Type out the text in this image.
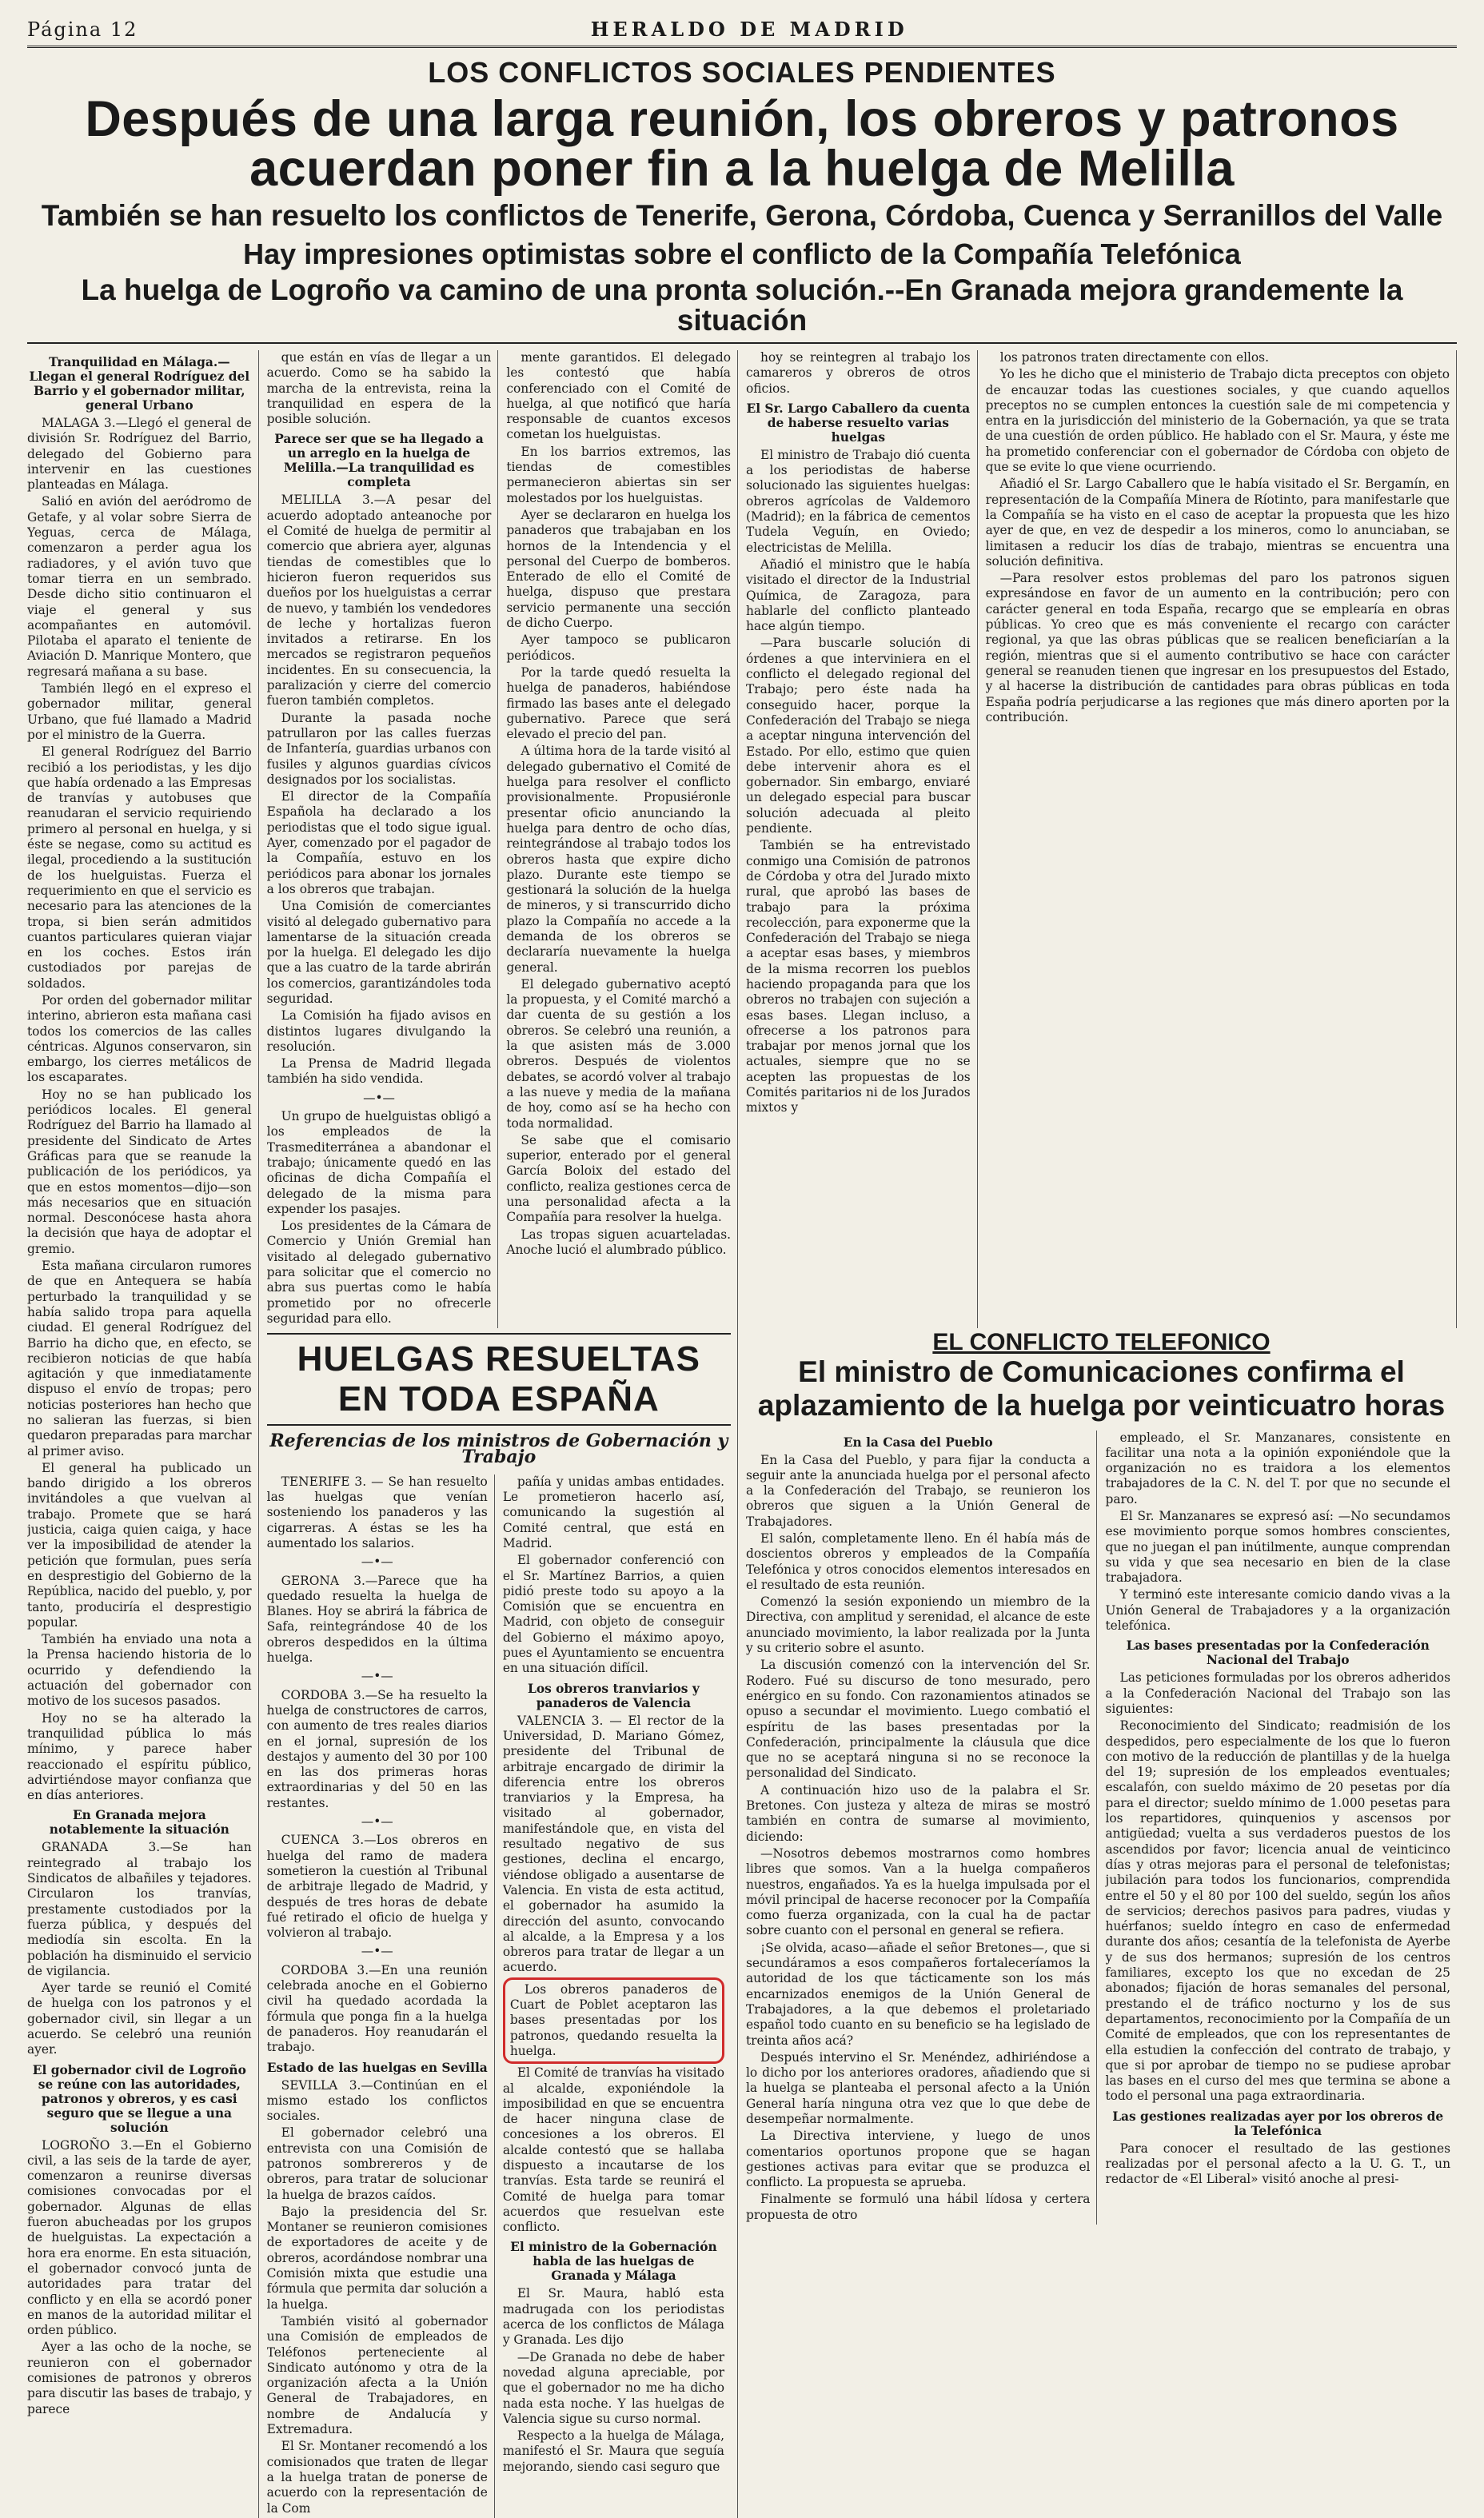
Página 12	HERALDO DE MADRID
LOS CONFLICTOS SOCIALES PENDIENTES
Después de una larga reunión, los obreros y patronos acuerdan poner fin a la huelga de Melilla
También se han resuelto los conflictos de Tenerife, Gerona, Córdoba, Cuenca y Serranillos del Valle
Hay impresiones optimistas sobre el conflicto de la Compañía Telefónica
La huelga de Logroño va camino de una pronta solución.--En Granada mejora grandemente la situación
Tranquilidad en Málaga.—Llegan el general Rodríguez del Barrio y el gobernador militar, general Urbano

MALAGA 3.—Llegó el general de división Sr. Rodríguez del Barrio, delegado del Gobierno para intervenir en las cuestiones planteadas en Málaga.

Salió en avión del aeródromo de Getafe, y al volar sobre Sierra de Yeguas, cerca de Málaga, comenzaron a perder agua los radiadores, y el avión tuvo que tomar tierra en un sembrado. Desde dicho sitio continuaron el viaje el general y sus acompañantes en automóvil. Pilotaba el aparato el teniente de Aviación D. Manrique Montero, que regresará mañana a su base.

También llegó en el expreso el gobernador militar, general Urbano, que fué llamado a Madrid por el ministro de la Guerra.

El general Rodríguez del Barrio recibió a los periodistas, y les dijo que había ordenado a las Empresas de tranvías y autobuses que reanudaran el servicio requiriendo primero al personal en huelga, y si éste se negase, como su actitud es ilegal, procediendo a la sustitución de los huelguistas. Fuerza el requerimiento en que el servicio es necesario para las atenciones de la tropa, si bien serán admitidos cuantos particulares quieran viajar en los coches. Estos irán custodiados por parejas de soldados.

Por orden del gobernador militar interino, abrieron esta mañana casi todos los comercios de las calles céntricas. Algunos conservaron, sin embargo, los cierres metálicos de los escaparates.

Hoy no se han publicado los periódicos locales. El general Rodríguez del Barrio ha llamado al presidente del Sindicato de Artes Gráficas para que se reanude la publicación de los periódicos, ya que en estos momentos—dijo—son más necesarios que en situación normal. Desconócese hasta ahora la decisión que haya de adoptar el gremio.

Esta mañana circularon rumores de que en Antequera se había perturbado la tranquilidad y se había salido tropa para aquella ciudad. El general Rodríguez del Barrio ha dicho que, en efecto, se recibieron noticias de que había agitación y que inmediatamente dispuso el envío de tropas; pero noticias posteriores han hecho que no salieran las fuerzas, si bien quedaron preparadas para marchar al primer aviso.

El general ha publicado un bando dirigido a los obreros invitándoles a que vuelvan al trabajo. Promete que se hará justicia, caiga quien caiga, y hace ver la imposibilidad de atender la petición que formulan, pues sería en desprestigio del Gobierno de la República, nacido del pueblo, y, por tanto, produciría el desprestigio popular.

También ha enviado una nota a la Prensa haciendo historia de lo ocurrido y defendiendo la actuación del gobernador con motivo de los sucesos pasados.

Hoy no se ha alterado la tranquilidad pública lo más mínimo, y parece haber reaccionado el espíritu público, advirtiéndose mayor confianza que en días anteriores.

En Granada mejora notablemente la situación

GRANADA 3.—Se han reintegrado al trabajo los Sindicatos de albañiles y tejadores. Circularon los tranvías, prestamente custodiados por la fuerza pública, y después del mediodía sin escolta. En la población ha disminuido el servicio de vigilancia.

Ayer tarde se reunió el Comité de huelga con los patronos y el gobernador civil, sin llegar a un acuerdo. Se celebró una reunión ayer.

El gobernador civil de Logroño se reúne con las autoridades, patronos y obreros, y es casi seguro que se llegue a una solución

LOGROÑO 3.—En el Gobierno civil, a las seis de la tarde de ayer, comenzaron a reunirse diversas comisiones convocadas por el gobernador. Algunas de ellas fueron abucheadas por los grupos de huelguistas. La expectación a hora era enorme. En esta situación, el gobernador convocó junta de autoridades para tratar del conflicto y en ella se acordó poner en manos de la autoridad militar el orden público.

Ayer a las ocho de la noche, se reunieron con el gobernador comisiones de patronos y obreros para discutir las bases de trabajo, y parece

que están en vías de llegar a un acuerdo. Como se ha sabido la marcha de la entrevista, reina la tranquilidad en espera de la posible solución.

Parece ser que se ha llegado a un arreglo en la huelga de Melilla.—La tranquilidad es completa

MELILLA 3.—A pesar del acuerdo adoptado anteanoche por el Comité de huelga de permitir al comercio que abriera ayer, algunas tiendas de comestibles que lo hicieron fueron requeridos sus dueños por los huelguistas a cerrar de nuevo, y también los vendedores de leche y hortalizas fueron invitados a retirarse. En los mercados se registraron pequeños incidentes. En su consecuencia, la paralización y cierre del comercio fueron también completos.

Durante la pasada noche patrullaron por las calles fuerzas de Infantería, guardias urbanos con fusiles y algunos guardias cívicos designados por los socialistas.

El director de la Compañía Española ha declarado a los periodistas que el todo sigue igual. Ayer, comenzado por el pagador de la Compañía, estuvo en los periódicos para abonar los jornales a los obreros que trabajan.

Una Comisión de comerciantes visitó al delegado gubernativo para lamentarse de la situación creada por la huelga. El delegado les dijo que a las cuatro de la tarde abrirán los comercios, garantizándoles toda seguridad.

La Comisión ha fijado avisos en distintos lugares divulgando la resolución.

La Prensa de Madrid llegada también ha sido vendida.

—•—

Un grupo de huelguistas obligó a los empleados de la Trasmediterránea a abandonar el trabajo; únicamente quedó en las oficinas de dicha Compañía el delegado de la misma para expender los pasajes.

Los presidentes de la Cámara de Comercio y Unión Gremial han visitado al delegado gubernativo para solicitar que el comercio no abra sus puertas como le había prometido por no ofrecerle seguridad para ello.

mente garantidos. El delegado les contestó que había conferenciado con el Comité de huelga, al que notificó que haría responsable de cuantos excesos cometan los huelguistas.

En los barrios extremos, las tiendas de comestibles permanecieron abiertas sin ser molestados por los huelguistas.

Ayer se declararon en huelga los panaderos que trabajaban en los hornos de la Intendencia y el personal del Cuerpo de bomberos. Enterado de ello el Comité de huelga, dispuso que prestara servicio permanente una sección de dicho Cuerpo.

Ayer tampoco se publicaron periódicos.

Por la tarde quedó resuelta la huelga de panaderos, habiéndose firmado las bases ante el delegado gubernativo. Parece que será elevado el precio del pan.

A última hora de la tarde visitó al delegado gubernativo el Comité de huelga para resolver el conflicto provisionalmente. Propusiéronle presentar oficio anunciando la huelga para dentro de ocho días, reintegrándose al trabajo todos los obreros hasta que expire dicho plazo. Durante este tiempo se gestionará la solución de la huelga de mineros, y si transcurrido dicho plazo la Compañía no accede a la demanda de los obreros se declararía nuevamente la huelga general.

El delegado gubernativo aceptó la propuesta, y el Comité marchó a dar cuenta de su gestión a los obreros. Se celebró una reunión, a la que asisten más de 3.000 obreros. Después de violentos debates, se acordó volver al trabajo a las nueve y media de la mañana de hoy, como así se ha hecho con toda normalidad.

Se sabe que el comisario superior, enterado por el general García Boloix del estado del conflicto, realiza gestiones cerca de una personalidad afecta a la Compañía para resolver la huelga.

Las tropas siguen acuarteladas. Anoche lució el alumbrado público.

hoy se reintegren al trabajo los camareros y obreros de otros oficios.

El Sr. Largo Caballero da cuenta de haberse resuelto varias huelgas

El ministro de Trabajo dió cuenta a los periodistas de haberse solucionado las siguientes huelgas: obreros agrícolas de Valdemoro (Madrid); en la fábrica de cementos Tudela Veguín, en Oviedo; electricistas de Melilla.

Añadió el ministro que le había visitado el director de la Industrial Química, de Zaragoza, para hablarle del conflicto planteado hace algún tiempo.

—Para buscarle solución di órdenes a que interviniera en el conflicto el delegado regional del Trabajo; pero éste nada ha conseguido hacer, porque la Confederación del Trabajo se niega a aceptar ninguna intervención del Estado. Por ello, estimo que quien debe intervenir ahora es el gobernador. Sin embargo, enviaré un delegado especial para buscar solución adecuada al pleito pendiente.

También se ha entrevistado conmigo una Comisión de patronos de Córdoba y otra del Jurado mixto rural, que aprobó las bases de trabajo para la próxima recolección, para exponerme que la Confederación del Trabajo se niega a aceptar esas bases, y miembros de la misma recorren los pueblos haciendo propaganda para que los obreros no trabajen con sujeción a esas bases. Llegan incluso, a ofrecerse a los patronos para trabajar por menos jornal que los actuales, siempre que no se acepten las propuestas de los Comités paritarios ni de los Jurados mixtos y

los patronos traten directamente con ellos.

Yo les he dicho que el ministerio de Trabajo dicta preceptos con objeto de encauzar todas las cuestiones sociales, y que cuando aquellos preceptos no se cumplen entonces la cuestión sale de mi competencia y entra en la jurisdicción del ministerio de la Gobernación, ya que se trata de una cuestión de orden público. He hablado con el Sr. Maura, y éste me ha prometido conferenciar con el gobernador de Córdoba con objeto de que se evite lo que viene ocurriendo.

Añadió el Sr. Largo Caballero que le había visitado el Sr. Bergamín, en representación de la Compañía Minera de Ríotinto, para manifestarle que la Compañía se ha visto en el caso de aceptar la propuesta que les hizo ayer de que, en vez de despedir a los mineros, como lo anunciaban, se limitasen a reducir los días de trabajo, mientras se encuentra una solución definitiva.

—Para resolver estos problemas del paro los patronos siguen expresándose en favor de un aumento en la contribución; pero con carácter general en toda España, recargo que se emplearía en obras públicas. Yo creo que es más conveniente el recargo con carácter regional, ya que las obras públicas que se realicen beneficiarían a la región, mientras que si el aumento contributivo se hace con carácter general se reanuden tienen que ingresar en los presupuestos del Estado, y al hacerse la distribución de cantidades para obras públicas en toda España podría perjudicarse a las regiones que más dinero aporten por la contribución.

HUELGAS RESUELTAS EN TODA ESPAÑA
Referencias de los ministros de Gobernación y Trabajo

TENERIFE 3. — Se han resuelto las huelgas que venían sosteniendo los panaderos y las cigarreras. A éstas se les ha aumentado los salarios.

—•—

GERONA 3.—Parece que ha quedado resuelta la huelga de Blanes. Hoy se abrirá la fábrica de Safa, reintegrándose 40 de los obreros despedidos en la última huelga.

—•—

CORDOBA 3.—Se ha resuelto la huelga de constructores de carros, con aumento de tres reales diarios en el jornal, supresión de los destajos y aumento del 30 por 100 en las dos primeras horas extraordinarias y del 50 en las restantes.

—•—

CUENCA 3.—Los obreros en huelga del ramo de madera sometieron la cuestión al Tribunal de arbitraje llegado de Madrid, y después de tres horas de debate fué retirado el oficio de huelga y volvieron al trabajo.

—•—

CORDOBA 3.—En una reunión celebrada anoche en el Gobierno civil ha quedado acordada la fórmula que ponga fin a la huelga de panaderos. Hoy reanudarán el trabajo.

Estado de las huelgas en Sevilla

SEVILLA 3.—Continúan en el mismo estado los conflictos sociales.

El gobernador celebró una entrevista con una Comisión de patronos sombrereros y de obreros, para tratar de solucionar la huelga de brazos caídos.

Bajo la presidencia del Sr. Montaner se reunieron comisiones de exportadores de aceite y de obreros, acordándose nombrar una Comisión mixta que estudie una fórmula que permita dar solución a la huelga.

También visitó al gobernador una Comisión de empleados de Teléfonos perteneciente al Sindicato autónomo y otra de la organización afecta a la Unión General de Trabajadores, en nombre de Andalucía y Extremadura.

El Sr. Montaner recomendó a los comisionados que traten de llegar a la huelga tratan de ponerse de acuerdo con la representación de la Com

pañía y unidas ambas entidades. Le prometieron hacerlo así, comunicando la sugestión al Comité central, que está en Madrid.

El gobernador conferenció con el Sr. Martínez Barrios, a quien pidió preste todo su apoyo a la Comisión que se encuentra en Madrid, con objeto de conseguir del Gobierno el máximo apoyo, pues el Ayuntamiento se encuentra en una situación difícil.

Los obreros tranviarios y panaderos de Valencia

VALENCIA 3. — El rector de la Universidad, D. Mariano Gómez, presidente del Tribunal de arbitraje encargado de dirimir la diferencia entre los obreros tranviarios y la Empresa, ha visitado al gobernador, manifestándole que, en vista del resultado negativo de sus gestiones, declina el encargo, viéndose obligado a ausentarse de Valencia. En vista de esta actitud, el gobernador ha asumido la dirección del asunto, convocando al alcalde, a la Empresa y a los obreros para tratar de llegar a un acuerdo.

Los obreros panaderos de Cuart de Poblet aceptaron las bases presentadas por los patronos, quedando resuelta la huelga.

El Comité de tranvías ha visitado al alcalde, exponiéndole la imposibilidad en que se encuentra de hacer ninguna clase de concesiones a los obreros. El alcalde contestó que se hallaba dispuesto a incautarse de los tranvías. Esta tarde se reunirá el Comité de huelga para tomar acuerdos que resuelvan este conflicto.

El ministro de la Gobernación habla de las huelgas de Granada y Málaga

El Sr. Maura, habló esta madrugada con los periodistas acerca de los conflictos de Málaga y Granada. Les dijo

—De Granada no debe de haber novedad alguna apreciable, por que el gobernador no me ha dicho nada esta noche. Y las huelgas de Valencia sigue su curso normal.

Respecto a la huelga de Málaga, manifestó el Sr. Maura que seguía mejorando, siendo casi seguro que

EL CONFLICTO TELEFONICO
El ministro de Comunicaciones confirma el aplazamiento de la huelga por veinticuatro horas
En la Casa del Pueblo

En la Casa del Pueblo, y para fijar la conducta a seguir ante la anunciada huelga por el personal afecto a la Confederación del Trabajo, se reunieron los obreros que siguen a la Unión General de Trabajadores.

El salón, completamente lleno. En él había más de doscientos obreros y empleados de la Compañía Telefónica y otros conocidos elementos interesados en el resultado de esta reunión.

Comenzó la sesión exponiendo un miembro de la Directiva, con amplitud y serenidad, el alcance de este anunciado movimiento, la labor realizada por la Junta y su criterio sobre el asunto.

La discusión comenzó con la intervención del Sr. Rodero. Fué su discurso de tono mesurado, pero enérgico en su fondo. Con razonamientos atinados se opuso a secundar el movimiento. Luego combatió el espíritu de las bases presentadas por la Confederación, principalmente la cláusula que dice que no se aceptará ninguna si no se reconoce la personalidad del Sindicato.

A continuación hizo uso de la palabra el Sr. Bretones. Con justeza y alteza de miras se mostró también en contra de sumarse al movimiento, diciendo:

—Nosotros debemos mostrarnos como hombres libres que somos. Van a la huelga compañeros nuestros, engañados. Ya es la huelga impulsada por el móvil principal de hacerse reconocer por la Compañía como fuerza organizada, con la cual ha de pactar sobre cuanto con el personal en general se refiera.

¡Se olvida, acaso—añade el señor Bretones—, que si secundáramos a esos compañeros fortaleceríamos la autoridad de los que tácticamente son los más encarnizados enemigos de la Unión General de Trabajadores, a la que debemos el proletariado español todo cuanto en su beneficio se ha legislado de treinta años acá?

Después intervino el Sr. Menéndez, adhiriéndose a lo dicho por los anteriores oradores, añadiendo que si la huelga se planteaba el personal afecto a la Unión General haría ninguna otra vez que lo que debe de desempeñar normalmente.

La Directiva interviene, y luego de unos comentarios oportunos propone que se hagan gestiones activas para evitar que se produzca el conflicto. La propuesta se aprueba.

Finalmente se formuló una hábil lídosa y certera propuesta de otro

empleado, el Sr. Manzanares, consistente en facilitar una nota a la opinión exponiéndole que la organización no es traidora a los elementos trabajadores de la C. N. del T. por que no secunde el paro.

El Sr. Manzanares se expresó así: —No secundamos ese movimiento porque somos hombres conscientes, que no juegan el pan inútilmente, aunque comprendan su vida y que sea necesario en bien de la clase trabajadora.

Y terminó este interesante comicio dando vivas a la Unión General de Trabajadores y a la organización telefónica.

Las bases presentadas por la Confederación Nacional del Trabajo

Las peticiones formuladas por los obreros adheridos a la Confederación Nacional del Trabajo son las siguientes:

Reconocimiento del Sindicato; readmisión de los despedidos, pero especialmente de los que lo fueron con motivo de la reducción de plantillas y de la huelga del 19; supresión de los empleados eventuales; escalafón, con sueldo máximo de 20 pesetas por día para el director; sueldo mínimo de 1.000 pesetas para los repartidores, quinquenios y ascensos por antigüedad; vuelta a sus verdaderos puestos de los ascendidos por favor; licencia anual de veinticinco días y otras mejoras para el personal de telefonistas; jubilación para todos los funcionarios, comprendida entre el 50 y el 80 por 100 del sueldo, según los años de servicios; derechos pasivos para padres, viudas y huérfanos; sueldo íntegro en caso de enfermedad durante dos años; cesantía de la telefonista de Ayerbe y de sus dos hermanos; supresión de los centros familiares, excepto los que no excedan de 25 abonados; fijación de horas semanales del personal, prestando el de tráfico nocturno y los de sus departamentos, reconocimiento por la Compañía de un Comité de empleados, que con los representantes de ella estudien la confección del contrato de trabajo, y que si por aprobar de tiempo no se pudiese aprobar las bases en el curso del mes que termina se abone a todo el personal una paga extraordinaria.

Las gestiones realizadas ayer por los obreros de la Telefónica

Para conocer el resultado de las gestiones realizadas por el personal afecto a la U. G. T., un redactor de «El Liberal» visitó anoche al presi-
